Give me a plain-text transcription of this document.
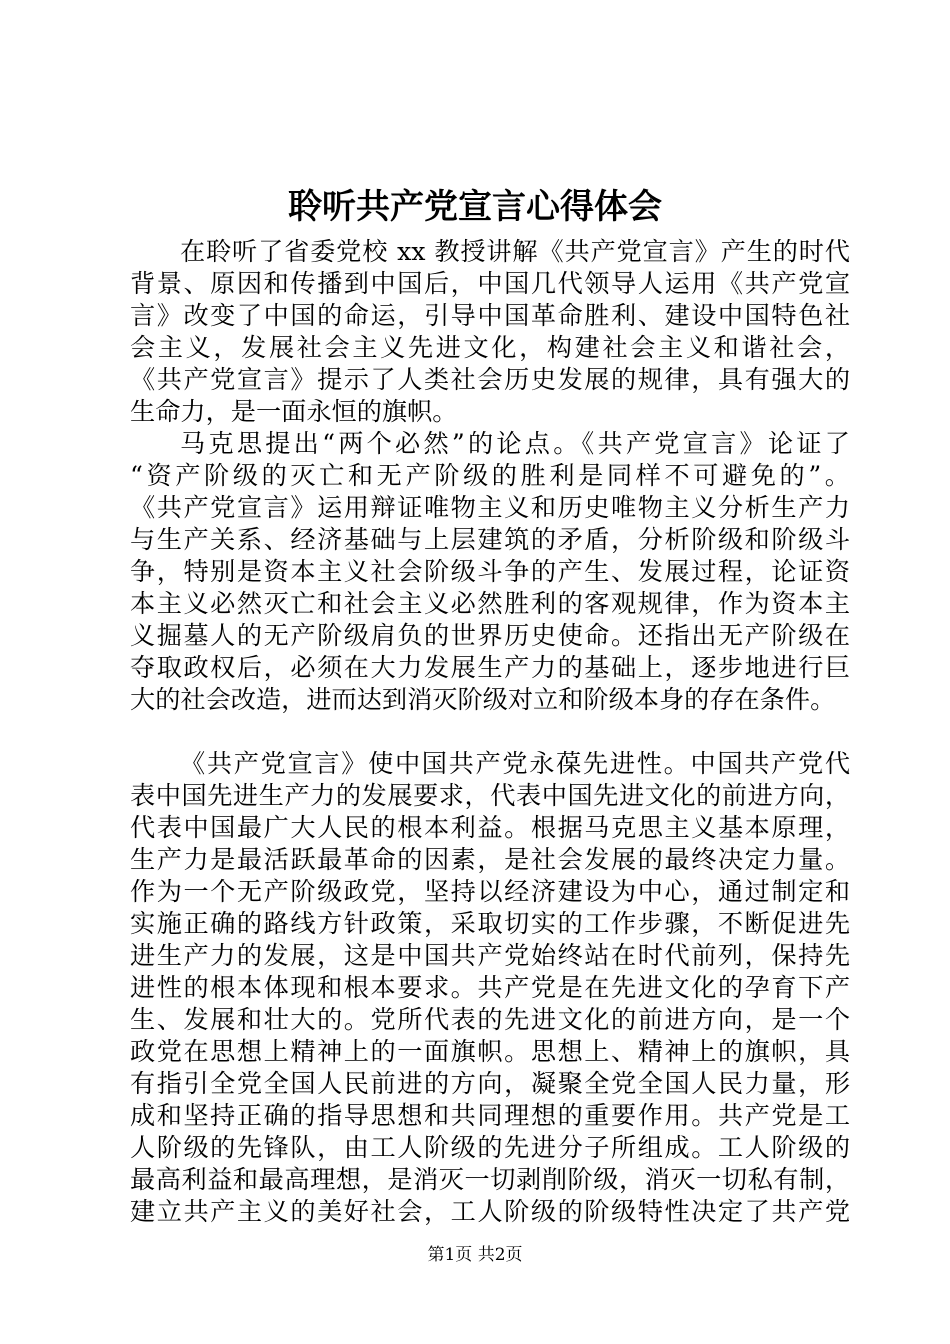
聆听共产党宣言心得体会
在聆听了省委党校 xx 教授讲解《共产党宣言》产生的时代
背景、原因和传播到中国后，中国几代领导人运用《共产党宣
言》改变了中国的命运，引导中国革命胜利、建设中国特色社
会主义，发展社会主义先进文化，构建社会主义和谐社会，
《共产党宣言》提示了人类社会历史发展的规律，具有强大的
生命力，是一面永恒的旗帜。
马克思提出“两个必然”的论点。《共产党宣言》论证了
“资产阶级的灭亡和无产阶级的胜利是同样不可避免的”。
《共产党宣言》运用辩证唯物主义和历史唯物主义分析生产力
与生产关系、经济基础与上层建筑的矛盾，分析阶级和阶级斗
争，特别是资本主义社会阶级斗争的产生、发展过程，论证资
本主义必然灭亡和社会主义必然胜利的客观规律，作为资本主
义掘墓人的无产阶级肩负的世界历史使命。还指出无产阶级在
夺取政权后，必须在大力发展生产力的基础上，逐步地进行巨
大的社会改造，进而达到消灭阶级对立和阶级本身的存在条件。
《共产党宣言》使中国共产党永葆先进性。中国共产党代
表中国先进生产力的发展要求，代表中国先进文化的前进方向，
代表中国最广大人民的根本利益。根据马克思主义基本原理，
生产力是最活跃最革命的因素，是社会发展的最终决定力量。
作为一个无产阶级政党，坚持以经济建设为中心，通过制定和
实施正确的路线方针政策，采取切实的工作步骤，不断促进先
进生产力的发展，这是中国共产党始终站在时代前列，保持先
进性的根本体现和根本要求。共产党是在先进文化的孕育下产
生、发展和壮大的。党所代表的先进文化的前进方向，是一个
政党在思想上精神上的一面旗帜。思想上、精神上的旗帜，具
有指引全党全国人民前进的方向，凝聚全党全国人民力量，形
成和坚持正确的指导思想和共同理想的重要作用。共产党是工
人阶级的先锋队，由工人阶级的先进分子所组成。工人阶级的
最高利益和最高理想，是消灭一切剥削阶级，消灭一切私有制，
建立共产主义的美好社会，工人阶级的阶级特性决定了共产党
第1页 共2页
